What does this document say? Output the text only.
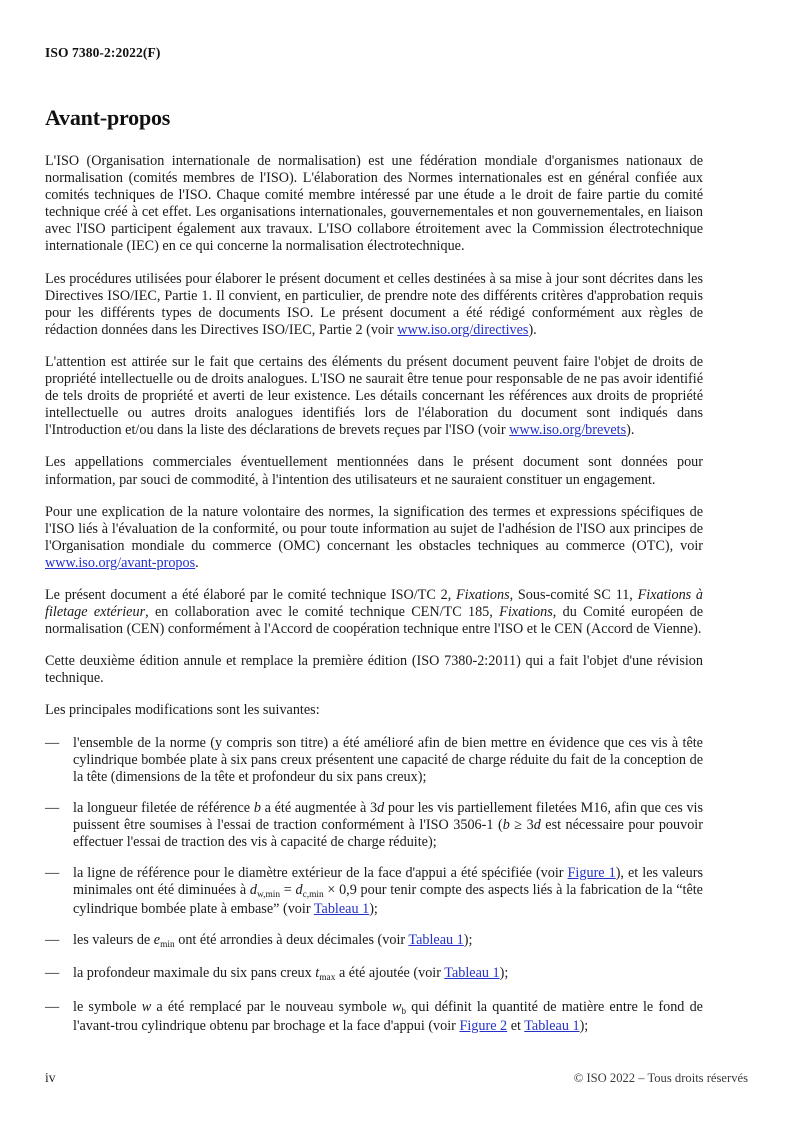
ISO 7380-2:2022(F)
Avant-propos

L'ISO (Organisation internationale de normalisation) est une fédération mondiale d'organismes nationaux de normalisation (comités membres de l'ISO). L'élaboration des Normes internationales est en général confiée aux comités techniques de l'ISO. Chaque comité membre intéressé par une étude a le droit de faire partie du comité technique créé à cet effet. Les organisations internationales, gouvernementales et non gouvernementales, en liaison avec l'ISO participent également aux travaux. L'ISO collabore étroitement avec la Commission électrotechnique internationale (IEC) en ce qui concerne la normalisation électrotechnique.

Les procédures utilisées pour élaborer le présent document et celles destinées à sa mise à jour sont décrites dans les Directives ISO/IEC, Partie 1. Il convient, en particulier, de prendre note des différents critères d'approbation requis pour les différents types de documents ISO. Le présent document a été rédigé conformément aux règles de rédaction données dans les Directives ISO/IEC, Partie 2 (voir www.iso.org/directives).

L'attention est attirée sur le fait que certains des éléments du présent document peuvent faire l'objet de droits de propriété intellectuelle ou de droits analogues. L'ISO ne saurait être tenue pour responsable de ne pas avoir identifié de tels droits de propriété et averti de leur existence. Les détails concernant les références aux droits de propriété intellectuelle ou autres droits analogues identifiés lors de l'élaboration du document sont indiqués dans l'Introduction et/ou dans la liste des déclarations de brevets reçues par l'ISO (voir www.iso.org/brevets).

Les appellations commerciales éventuellement mentionnées dans le présent document sont données pour information, par souci de commodité, à l'intention des utilisateurs et ne sauraient constituer un engagement.

Pour une explication de la nature volontaire des normes, la signification des termes et expressions spécifiques de l'ISO liés à l'évaluation de la conformité, ou pour toute information au sujet de l'adhésion de l'ISO aux principes de l'Organisation mondiale du commerce (OMC) concernant les obstacles techniques au commerce (OTC), voir www.iso.org/avant-propos.

Le présent document a été élaboré par le comité technique ISO/TC 2, Fixations, Sous-comité SC 11, Fixations à filetage extérieur, en collaboration avec le comité technique CEN/TC 185, Fixations, du Comité européen de normalisation (CEN) conformément à l'Accord de coopération technique entre l'ISO et le CEN (Accord de Vienne).

Cette deuxième édition annule et remplace la première édition (ISO 7380-2:2011) qui a fait l'objet d'une révision technique.

Les principales modifications sont les suivantes:

— l'ensemble de la norme (y compris son titre) a été amélioré afin de bien mettre en évidence que ces vis à tête cylindrique bombée plate à six pans creux présentent une capacité de charge réduite du fait de la conception de la tête (dimensions de la tête et profondeur du six pans creux);
— la longueur filetée de référence b a été augmentée à 3d pour les vis partiellement filetées M16, afin que ces vis puissent être soumises à l'essai de traction conformément à l'ISO 3506-1 (b ≥ 3d est nécessaire pour pouvoir effectuer l'essai de traction des vis à capacité de charge réduite);
— la ligne de référence pour le diamètre extérieur de la face d'appui a été spécifiée (voir Figure 1), et les valeurs minimales ont été diminuées à $d_{w,min} = d_{c,min} \times 0,9$ pour tenir compte des aspects liés à la fabrication de la “tête cylindrique bombée plate à embase” (voir Tableau 1);
— les valeurs de $e_{min}$ ont été arrondies à deux décimales (voir Tableau 1);
— la profondeur maximale du six pans creux $t_{max}$ a été ajoutée (voir Tableau 1);
— le symbole w a été remplacé par le nouveau symbole $w_b$ qui définit la quantité de matière entre le fond de l'avant-trou cylindrique obtenu par brochage et la face d'appui (voir Figure 2 et Tableau 1);
iv	© ISO 2022 – Tous droits réservés
